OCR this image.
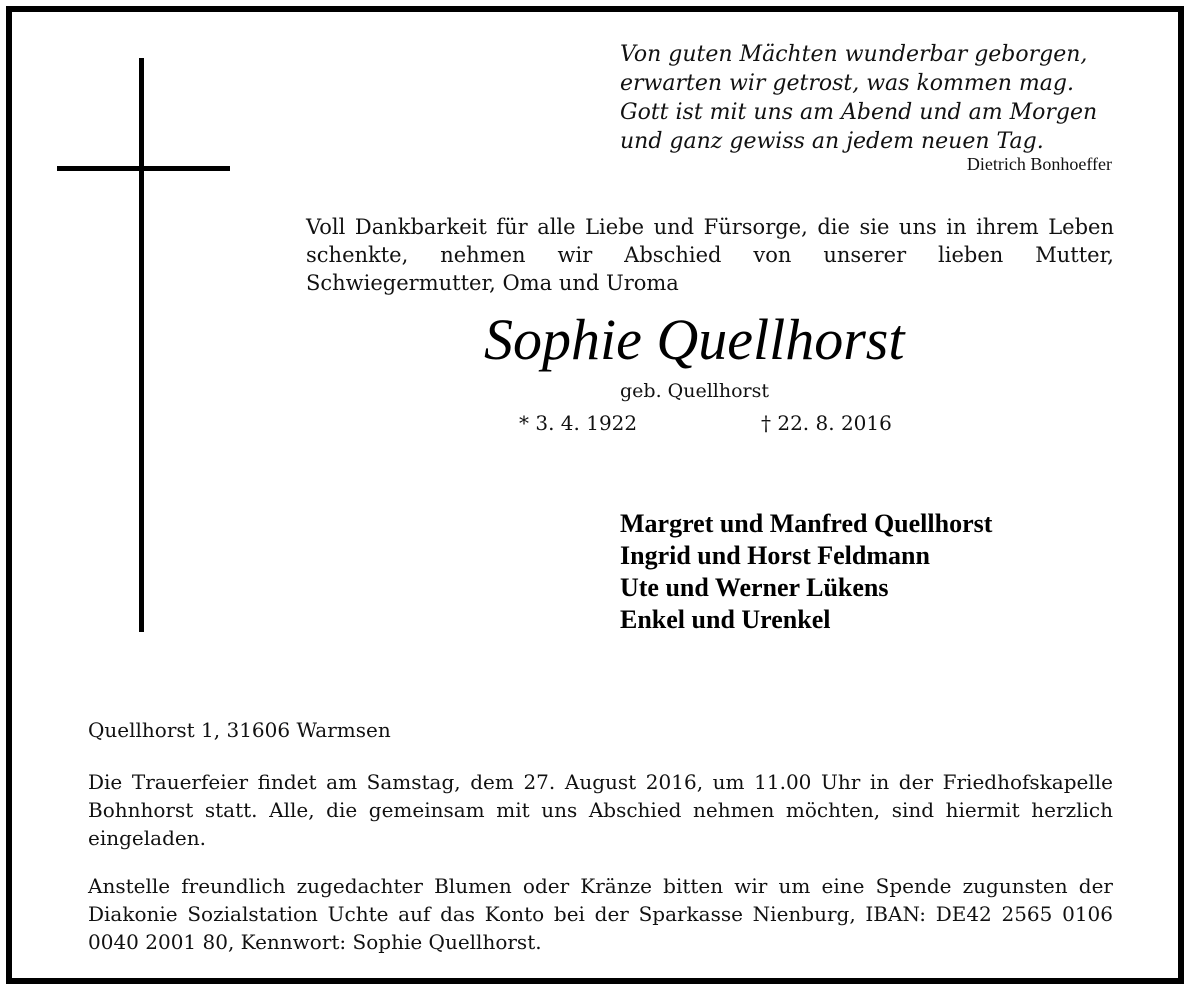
Von guten Mächten wunderbar geborgen,
erwarten wir getrost, was kommen mag.
Gott ist mit uns am Abend und am Morgen
und ganz gewiss an jedem neuen Tag.
Dietrich Bonhoeffer
Voll Dankbarkeit für alle Liebe und Fürsorge, die sie uns in ihrem Leben schenkte, nehmen wir Abschied von unserer lieben Mutter, Schwiegermutter, Oma und Uroma
Sophie Quellhorst
geb. Quellhorst
* 3. 4. 1922	† 22. 8. 2016
Margret und Manfred Quellhorst
Ingrid und Horst Feldmann
Ute und Werner Lükens
Enkel und Urenkel
Quellhorst 1, 31606 Warmsen
Die Trauerfeier findet am Samstag, dem 27. August 2016, um 11.00 Uhr in der Friedhofskapelle Bohnhorst statt. Alle, die gemeinsam mit uns Abschied nehmen möchten, sind hiermit herzlich eingeladen.
Anstelle freundlich zugedachter Blumen oder Kränze bitten wir um eine Spende zugunsten der Diakonie Sozialstation Uchte auf das Konto bei der Sparkasse Nienburg, IBAN: DE42 2565 0106 0040 2001 80, Kennwort: Sophie Quellhorst.
